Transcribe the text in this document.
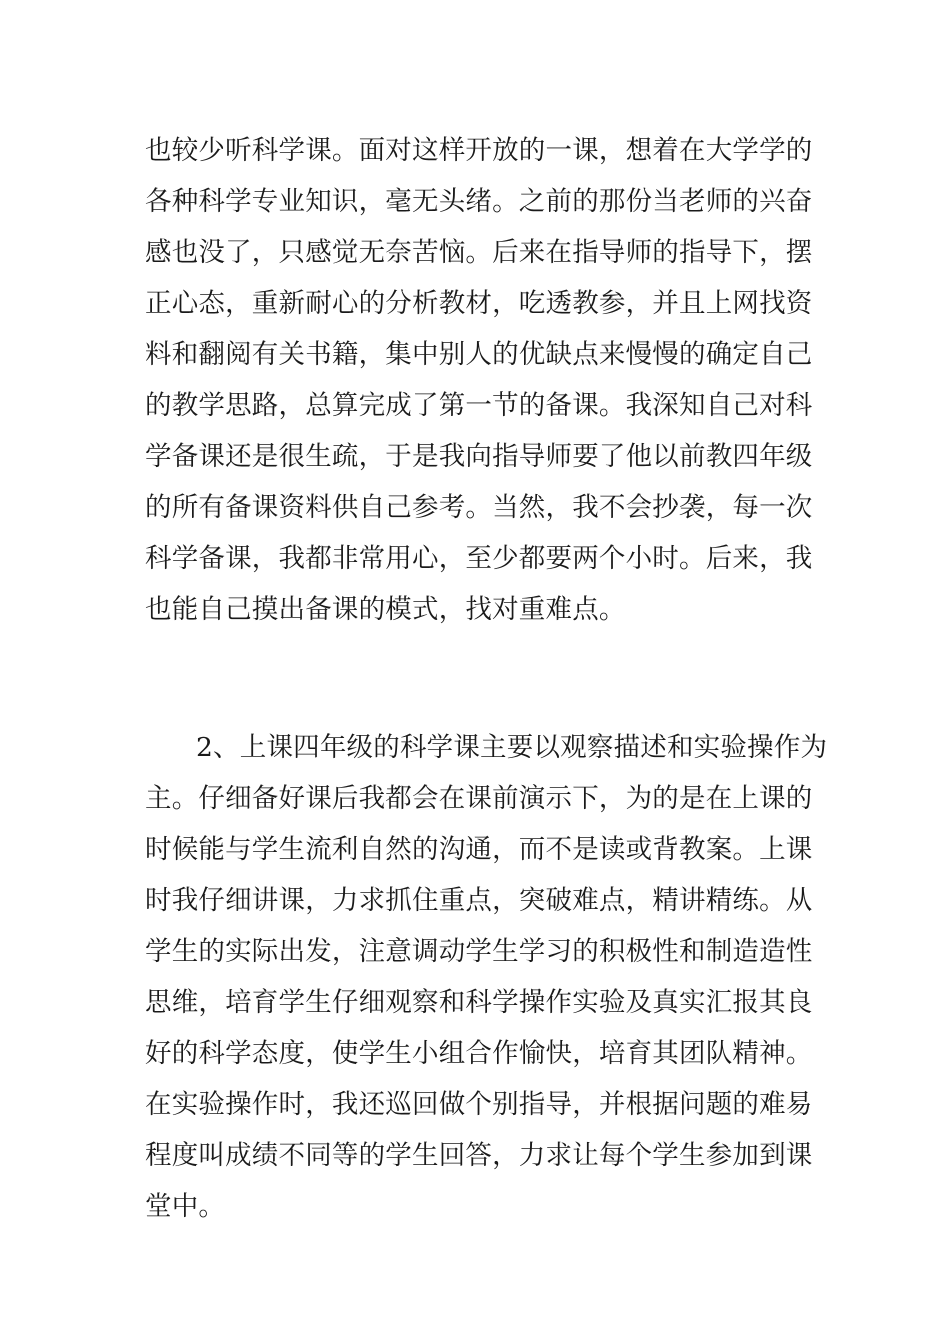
也较少听科学课。面对这样开放的一课，想着在大学学的
各种科学专业知识，毫无头绪。之前的那份当老师的兴奋
感也没了，只感觉无奈苦恼。后来在指导师的指导下，摆
正心态，重新耐心的分析教材，吃透教参，并且上网找资
料和翻阅有关书籍，集中别人的优缺点来慢慢的确定自己
的教学思路，总算完成了第一节的备课。我深知自己对科
学备课还是很生疏，于是我向指导师要了他以前教四年级
的所有备课资料供自己参考。当然，我不会抄袭，每一次
科学备课，我都非常用心，至少都要两个小时。后来，我
也能自己摸出备课的模式，找对重难点。
2、上课四年级的科学课主要以观察描述和实验操作为
主。仔细备好课后我都会在课前演示下，为的是在上课的
时候能与学生流利自然的沟通，而不是读或背教案。上课
时我仔细讲课，力求抓住重点，突破难点，精讲精练。从
学生的实际出发，注意调动学生学习的积极性和制造造性
思维，培育学生仔细观察和科学操作实验及真实汇报其良
好的科学态度，使学生小组合作愉快，培育其团队精神。
在实验操作时，我还巡回做个别指导，并根据问题的难易
程度叫成绩不同等的学生回答，力求让每个学生参加到课
堂中。
